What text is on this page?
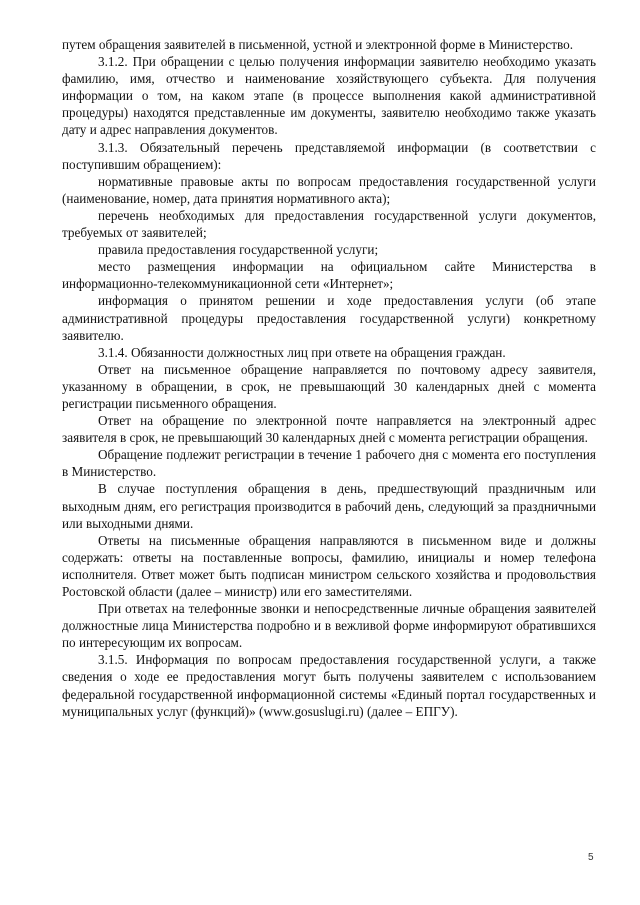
путем обращения заявителей в письменной, устной и электронной форме в Министерство.

3.1.2. При обращении с целью получения информации заявителю необходимо указать фамилию, имя, отчество и наименование хозяйствующего субъекта. Для получения информации о том, на каком этапе (в процессе выполнения какой административной процедуры) находятся представленные им документы, заявителю необходимо также указать дату и адрес направления документов.

3.1.3. Обязательный перечень представляемой информации (в соответствии с поступившим обращением):

нормативные правовые акты по вопросам предоставления государственной услуги (наименование, номер, дата принятия нормативного акта);

перечень необходимых для предоставления государственной услуги документов, требуемых от заявителей;

правила предоставления государственной услуги;

место размещения информации на официальном сайте Министерства в информационно-телекоммуникационной сети «Интернет»;

информация о принятом решении и ходе предоставления услуги (об этапе административной процедуры предоставления государственной услуги) конкретному заявителю.

3.1.4. Обязанности должностных лиц при ответе на обращения граждан.

Ответ на письменное обращение направляется по почтовому адресу заявителя, указанному в обращении, в срок, не превышающий 30 календарных дней с момента регистрации письменного обращения.

Ответ на обращение по электронной почте направляется на электронный адрес заявителя в срок, не превышающий 30 календарных дней с момента регистрации обращения.

Обращение подлежит регистрации в течение 1 рабочего дня с момента его поступления в Министерство.

В случае поступления обращения в день, предшествующий праздничным или выходным дням, его регистрация производится в рабочий день, следующий за праздничными или выходными днями.

Ответы на письменные обращения направляются в письменном виде и должны содержать: ответы на поставленные вопросы, фамилию, инициалы и номер телефона исполнителя. Ответ может быть подписан министром сельского хозяйства и продовольствия Ростовской области (далее – министр) или его заместителями.

При ответах на телефонные звонки и непосредственные личные обращения заявителей должностные лица Министерства подробно и в вежливой форме информируют обратившихся по интересующим их вопросам.

3.1.5. Информация по вопросам предоставления государственной услуги, а также сведения о ходе ее предоставления могут быть получены заявителем с использованием федеральной государственной информационной системы «Единый портал государственных и муниципальных услуг (функций)» (www.gosuslugi.ru) (далее – ЕПГУ).

5
